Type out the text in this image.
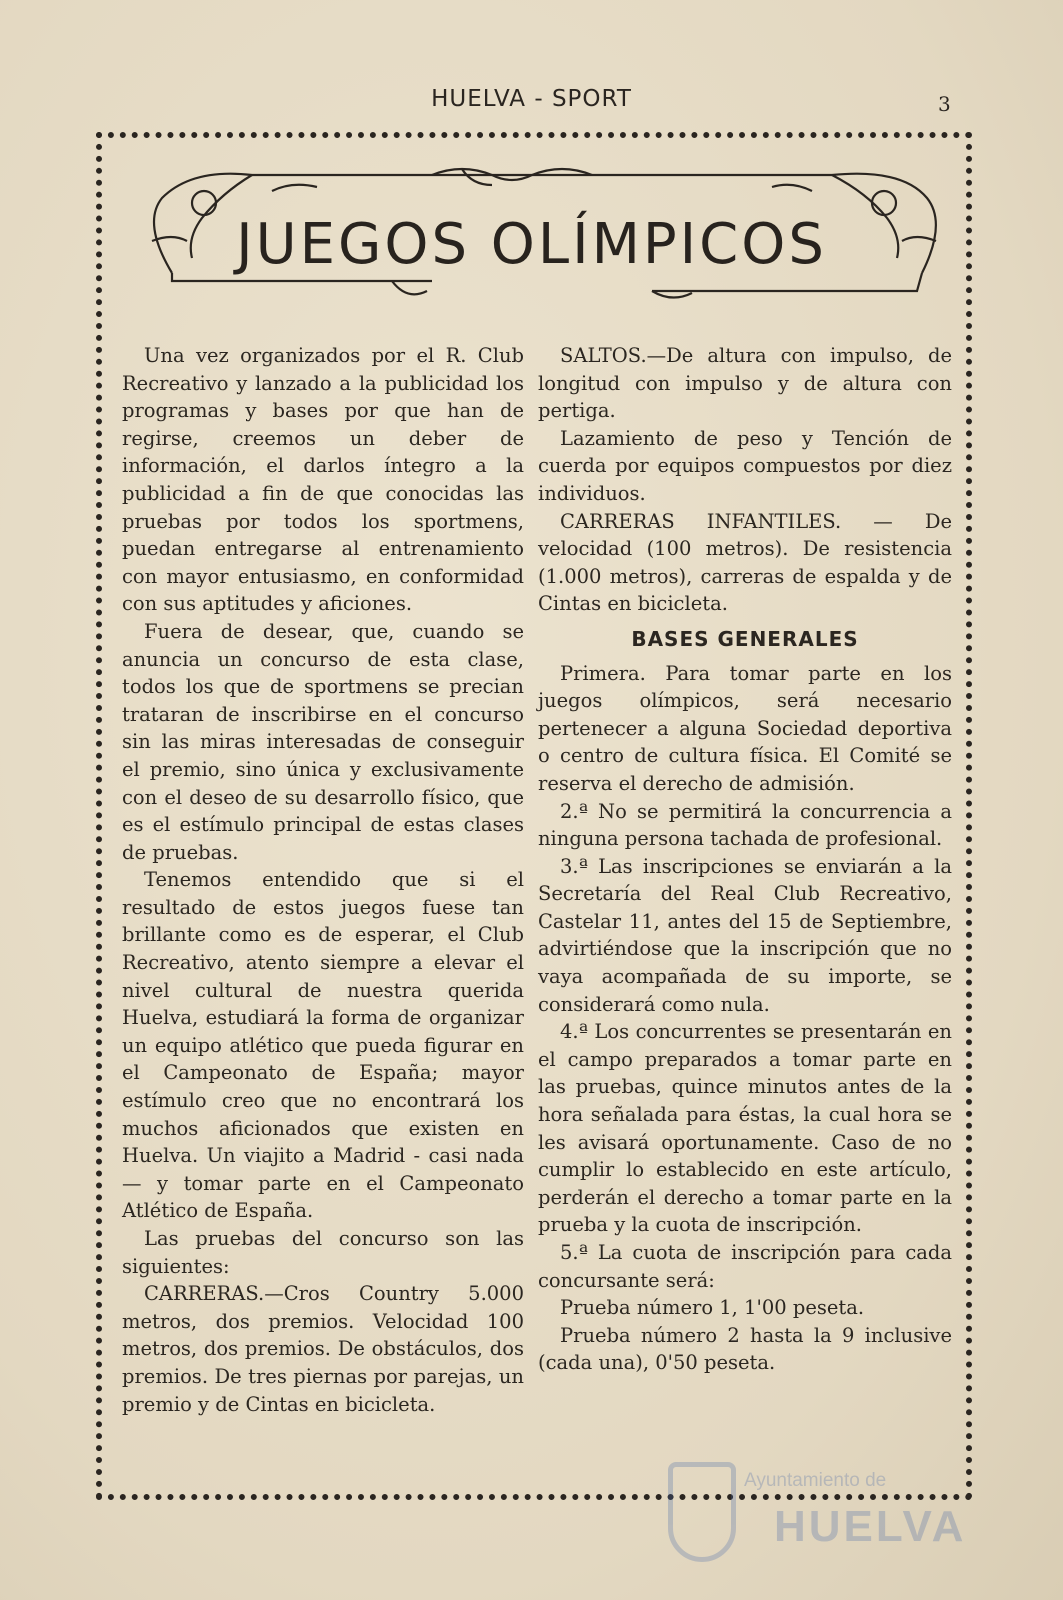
HUELVA - SPORT	3
JUEGOS OLÍMPICOS

Una vez organizados por el R. Club Recreativo y lanzado a la publicidad los programas y bases por que han de regirse, creemos un deber de información, el darlos íntegro a la publicidad a fin de que conocidas las pruebas por todos los sportmens, puedan entregarse al entrenamiento con mayor entusiasmo, en conformidad con sus aptitudes y aficiones.

Fuera de desear, que, cuando se anuncia un concurso de esta clase, todos los que de sportmens se precian trataran de inscribirse en el concurso sin las miras interesadas de conseguir el premio, sino única y exclusivamente con el deseo de su desarrollo físico, que es el estímulo principal de estas clases de pruebas.

Tenemos entendido que si el resultado de estos juegos fuese tan brillante como es de esperar, el Club Recreativo, atento siempre a elevar el nivel cultural de nuestra querida Huelva, estudiará la forma de organizar un equipo atlético que pueda figurar en el Campeonato de España; mayor estímulo creo que no encontrará los muchos aficionados que existen en Huelva. Un viajito a Madrid - casi nada— y tomar parte en el Campeonato Atlético de España.

Las pruebas del concurso son las siguientes:

CARRERAS.—Cros Country 5.000 metros, dos premios. Velocidad 100 metros, dos premios. De obstáculos, dos premios. De tres piernas por parejas, un premio y de Cintas en bicicleta.

SALTOS.—De altura con impulso, de longitud con impulso y de altura con pertiga.

Lazamiento de peso y Tención de cuerda por equipos compuestos por diez individuos.

CARRERAS INFANTILES. — De velocidad (100 metros). De resistencia (1.000 metros), carreras de espalda y de Cintas en bicicleta.

BASES GENERALES

Primera. Para tomar parte en los juegos olímpicos, será necesario pertenecer a alguna Sociedad deportiva o centro de cultura física. El Comité se reserva el derecho de admisión.

2.ª No se permitirá la concurrencia a ninguna persona tachada de profesional.

3.ª Las inscripciones se enviarán a la Secretaría del Real Club Recreativo, Castelar 11, antes del 15 de Septiembre, advirtiéndose que la inscripción que no vaya acompañada de su importe, se considerará como nula.

4.ª Los concurrentes se presentarán en el campo preparados a tomar parte en las pruebas, quince minutos antes de la hora señalada para éstas, la cual hora se les avisará oportunamente. Caso de no cumplir lo establecido en este artículo, perderán el derecho a tomar parte en la prueba y la cuota de inscripción.

5.ª La cuota de inscripción para cada concursante será:

Prueba número 1, 1'00 peseta.

Prueba número 2 hasta la 9 inclusive (cada una), 0'50 peseta.

Ayuntamiento de
HUELVA
